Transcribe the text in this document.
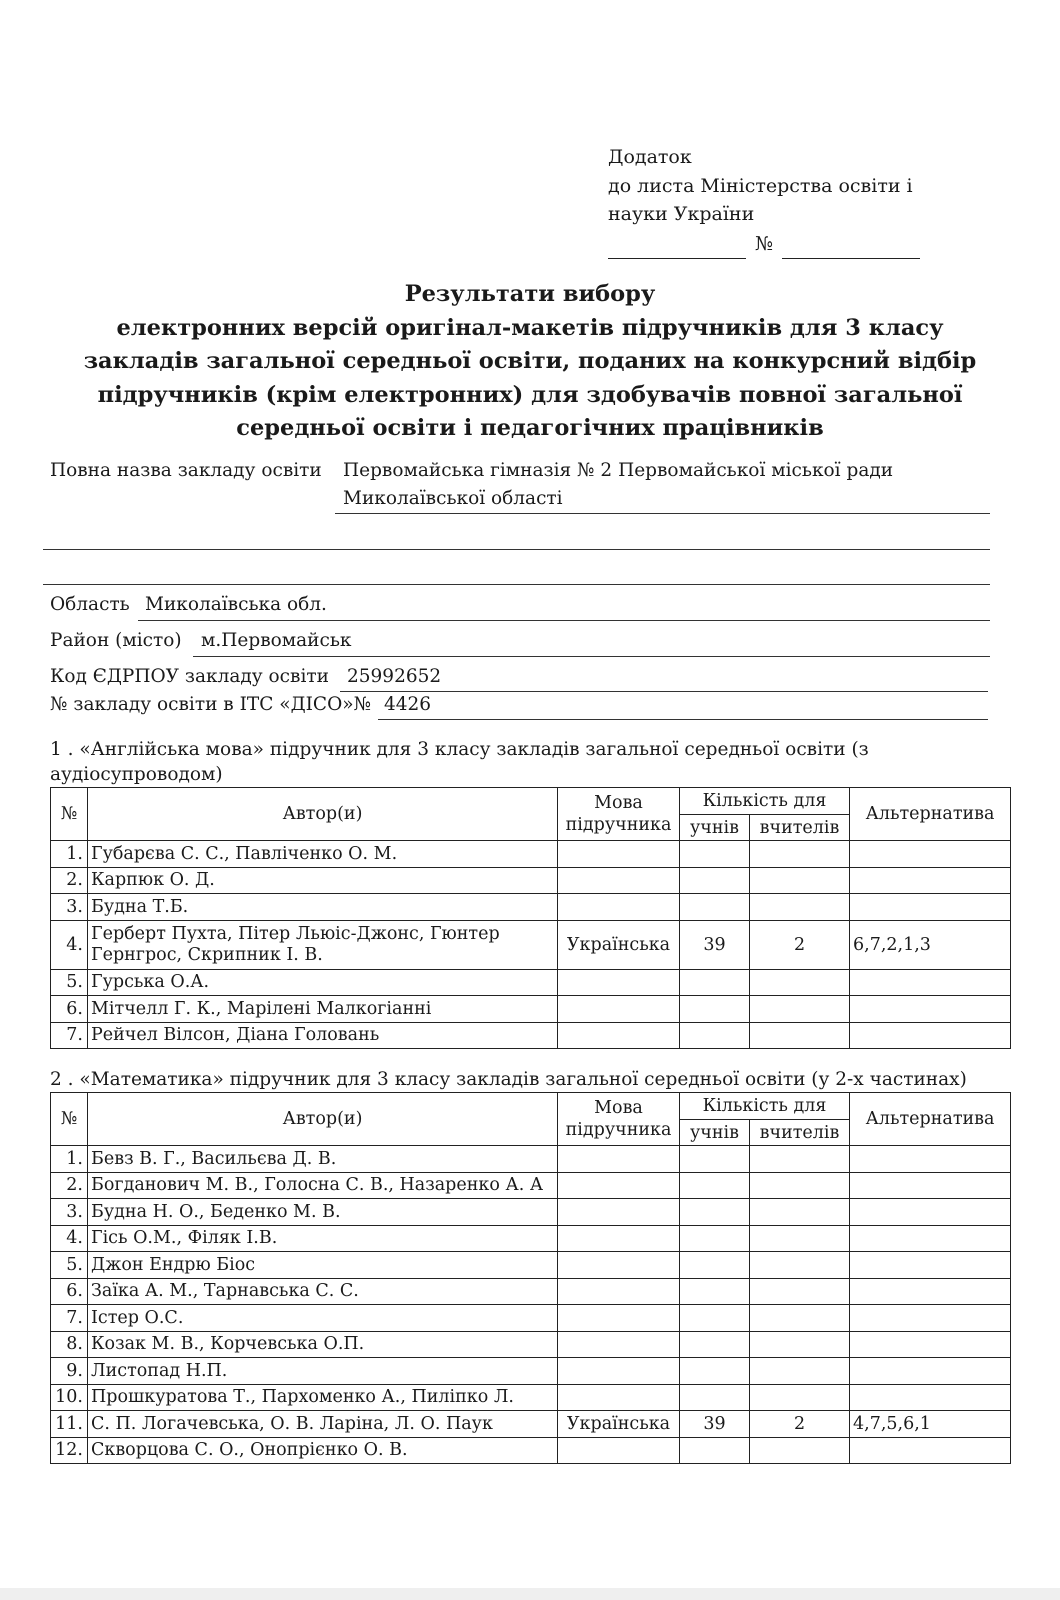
Додаток
до листа Міністерства освіти і
науки України
№
Результати вибору
електронних версій оригінал-макетів підручників для 3 класу
закладів загальної середньої освіти, поданих на конкурсний відбір
підручників (крім електронних) для здобувачів повної загальної
середньої освіти і педагогічних працівників
Повна назва закладу освіти Первомайська гімназія № 2 Первомайської міської ради
Миколаївської області
Область Миколаївська обл.
Район (місто) м.Первомайськ
Код ЄДРПОУ закладу освіти 25992652
№ закладу освіти в ІТС «ДІСО»№ 4426
1 . «Англійська мова» підручник для 3 класу закладів загальної середньої освіти (з
аудіосупроводом)
№	Автор(и)	Мова
підручника	Кількість для		Альтернатива
			учнів	вчителів	
1.	Губарєва С. С., Павліченко О. М.				
2.	Карпюк О. Д.				
3.	Будна Т.Б.				
4.	Герберт Пухта, Пітер Льюіс-Джонс, Гюнтер Гернгрос, Скрипник І. В.	Українська	39	2	6,7,2,1,3
5.	Гурська О.А.				
6.	Мітчелл Г. К., Марілені Малкогіанні				
7.	Рейчел Вілсон, Діана Головань				
2 . «Математика» підручник для 3 класу закладів загальної середньої освіти (у 2-х частинах)
№	Автор(и)	Мова
підручника	Кількість для		Альтернатива
			учнів	вчителів	
1.	Бевз В. Г., Васильєва Д. В.				
2.	Богданович М. В., Голосна С. В., Назаренко А. А				
3.	Будна Н. О., Беденко М. В.				
4.	Гісь О.М., Філяк І.В.				
5.	Джон Ендрю Біос				
6.	Заїка А. М., Тарнавська С. С.				
7.	Істер О.С.				
8.	Козак М. В., Корчевська О.П.				
9.	Листопад Н.П.				
10.	Прошкуратова Т., Пархоменко А., Пиліпко Л.				
11.	С. П. Логачевська, О. В. Ларіна, Л. О. Паук	Українська	39	2	4,7,5,6,1
12.	Скворцова С. О., Онопрієнко О. В.				
